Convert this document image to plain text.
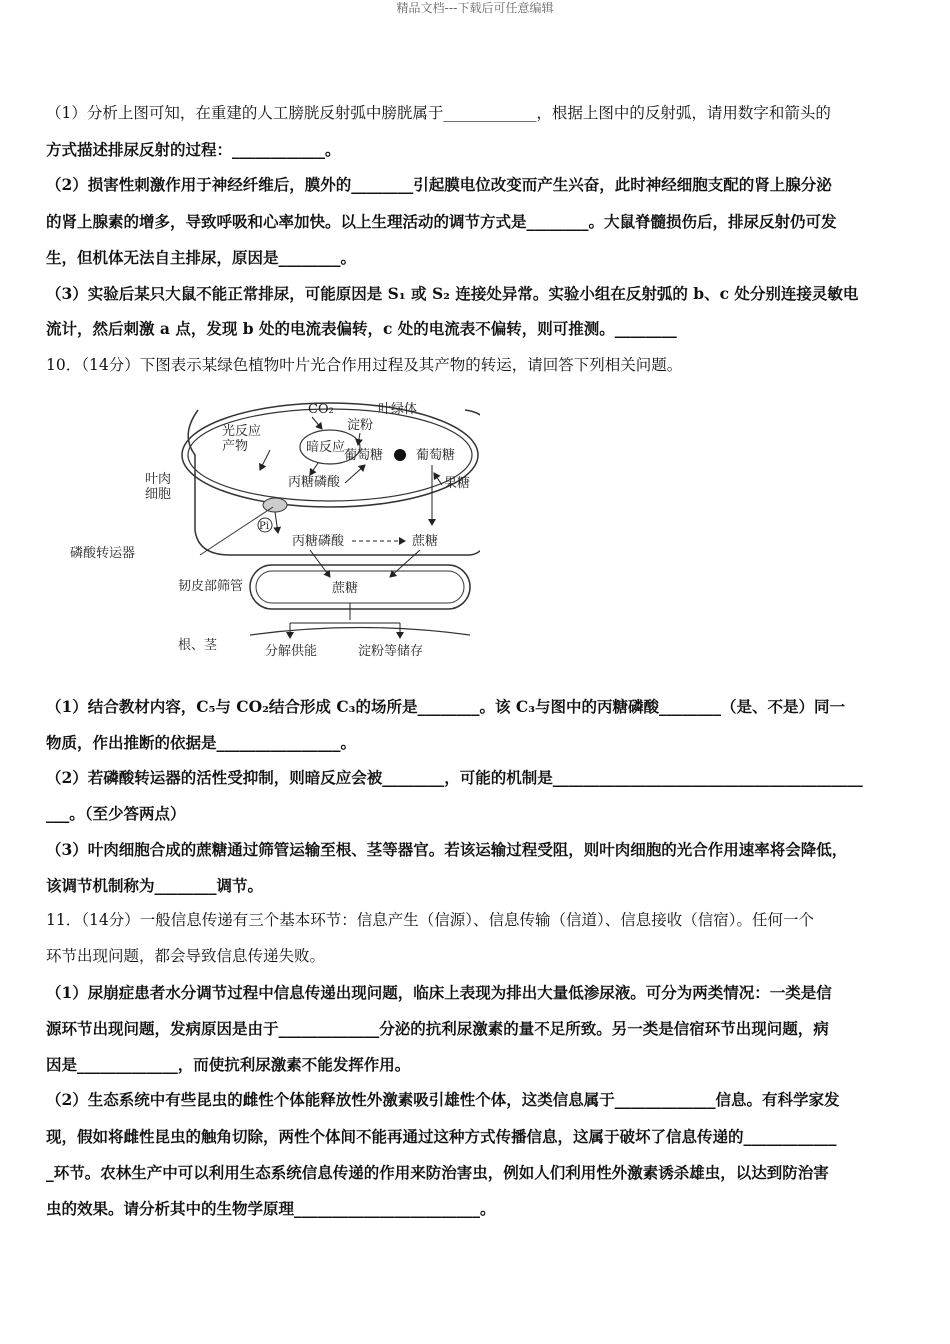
精品文档---下载后可任意编辑
（1）分析上图可知，在重建的人工膀胱反射弧中膀胱属于____________，根据上图中的反射弧，请用数字和箭头的
方式描述排尿反射的过程：____________。
（2）损害性刺激作用于神经纤维后，膜外的________引起膜电位改变而产生兴奋，此时神经细胞支配的肾上腺分泌
的肾上腺素的增多，导致呼吸和心率加快。以上生理活动的调节方式是________。大鼠脊髓损伤后，排尿反射仍可发
生，但机体无法自主排尿，原因是________。
（3）实验后某只大鼠不能正常排尿，可能原因是 S₁ 或 S₂ 连接处异常。实验小组在反射弧的 b、c 处分别连接灵敏电
流计，然后刺激 a 点，发现 b 处的电流表偏转，c 处的电流表不偏转，则可推测。________
10．（14分）下图表示某绿色植物叶片光合作用过程及其产物的转运，请回答下列相关问题。
CO₂	叶绿体
淀粉
光反应
产物	暗反应
葡萄糖	葡萄糖
丙糖磷酸	果糖
叶肉
细胞
Pi
丙糖磷酸	蔗糖
磷酸转运器
韧皮部筛管	蔗糖
根、茎	分解供能	淀粉等储存
（1）结合教材内容，C₅与 CO₂结合形成 C₃的场所是________。该 C₃与图中的丙糖磷酸________（是、不是）同一
物质，作出推断的依据是________________。
（2）若磷酸转运器的活性受抑制，则暗反应会被________，可能的机制是________________________________________
___。（至少答两点）
（3）叶肉细胞合成的蔗糖通过筛管运输至根、茎等器官。若该运输过程受阻，则叶肉细胞的光合作用速率将会降低，
该调节机制称为________调节。
11．（14分）一般信息传递有三个基本环节：信息产生（信源）、信息传输（信道）、信息接收（信宿）。任何一个
环节出现问题，都会导致信息传递失败。
（1）尿崩症患者水分调节过程中信息传递出现问题，临床上表现为排出大量低渗尿液。可分为两类情况：一类是信
源环节出现问题，发病原因是由于_____________分泌的抗利尿激素的量不足所致。另一类是信宿环节出现问题，病
因是_____________，而使抗利尿激素不能发挥作用。
（2）生态系统中有些昆虫的雌性个体能释放性外激素吸引雄性个体，这类信息属于_____________信息。有科学家发
现，假如将雌性昆虫的触角切除，两性个体间不能再通过这种方式传播信息，这属于破坏了信息传递的____________
_环节。农林生产中可以利用生态系统信息传递的作用来防治害虫，例如人们利用性外激素诱杀雄虫，以达到防治害
虫的效果。请分析其中的生物学原理________________________。
